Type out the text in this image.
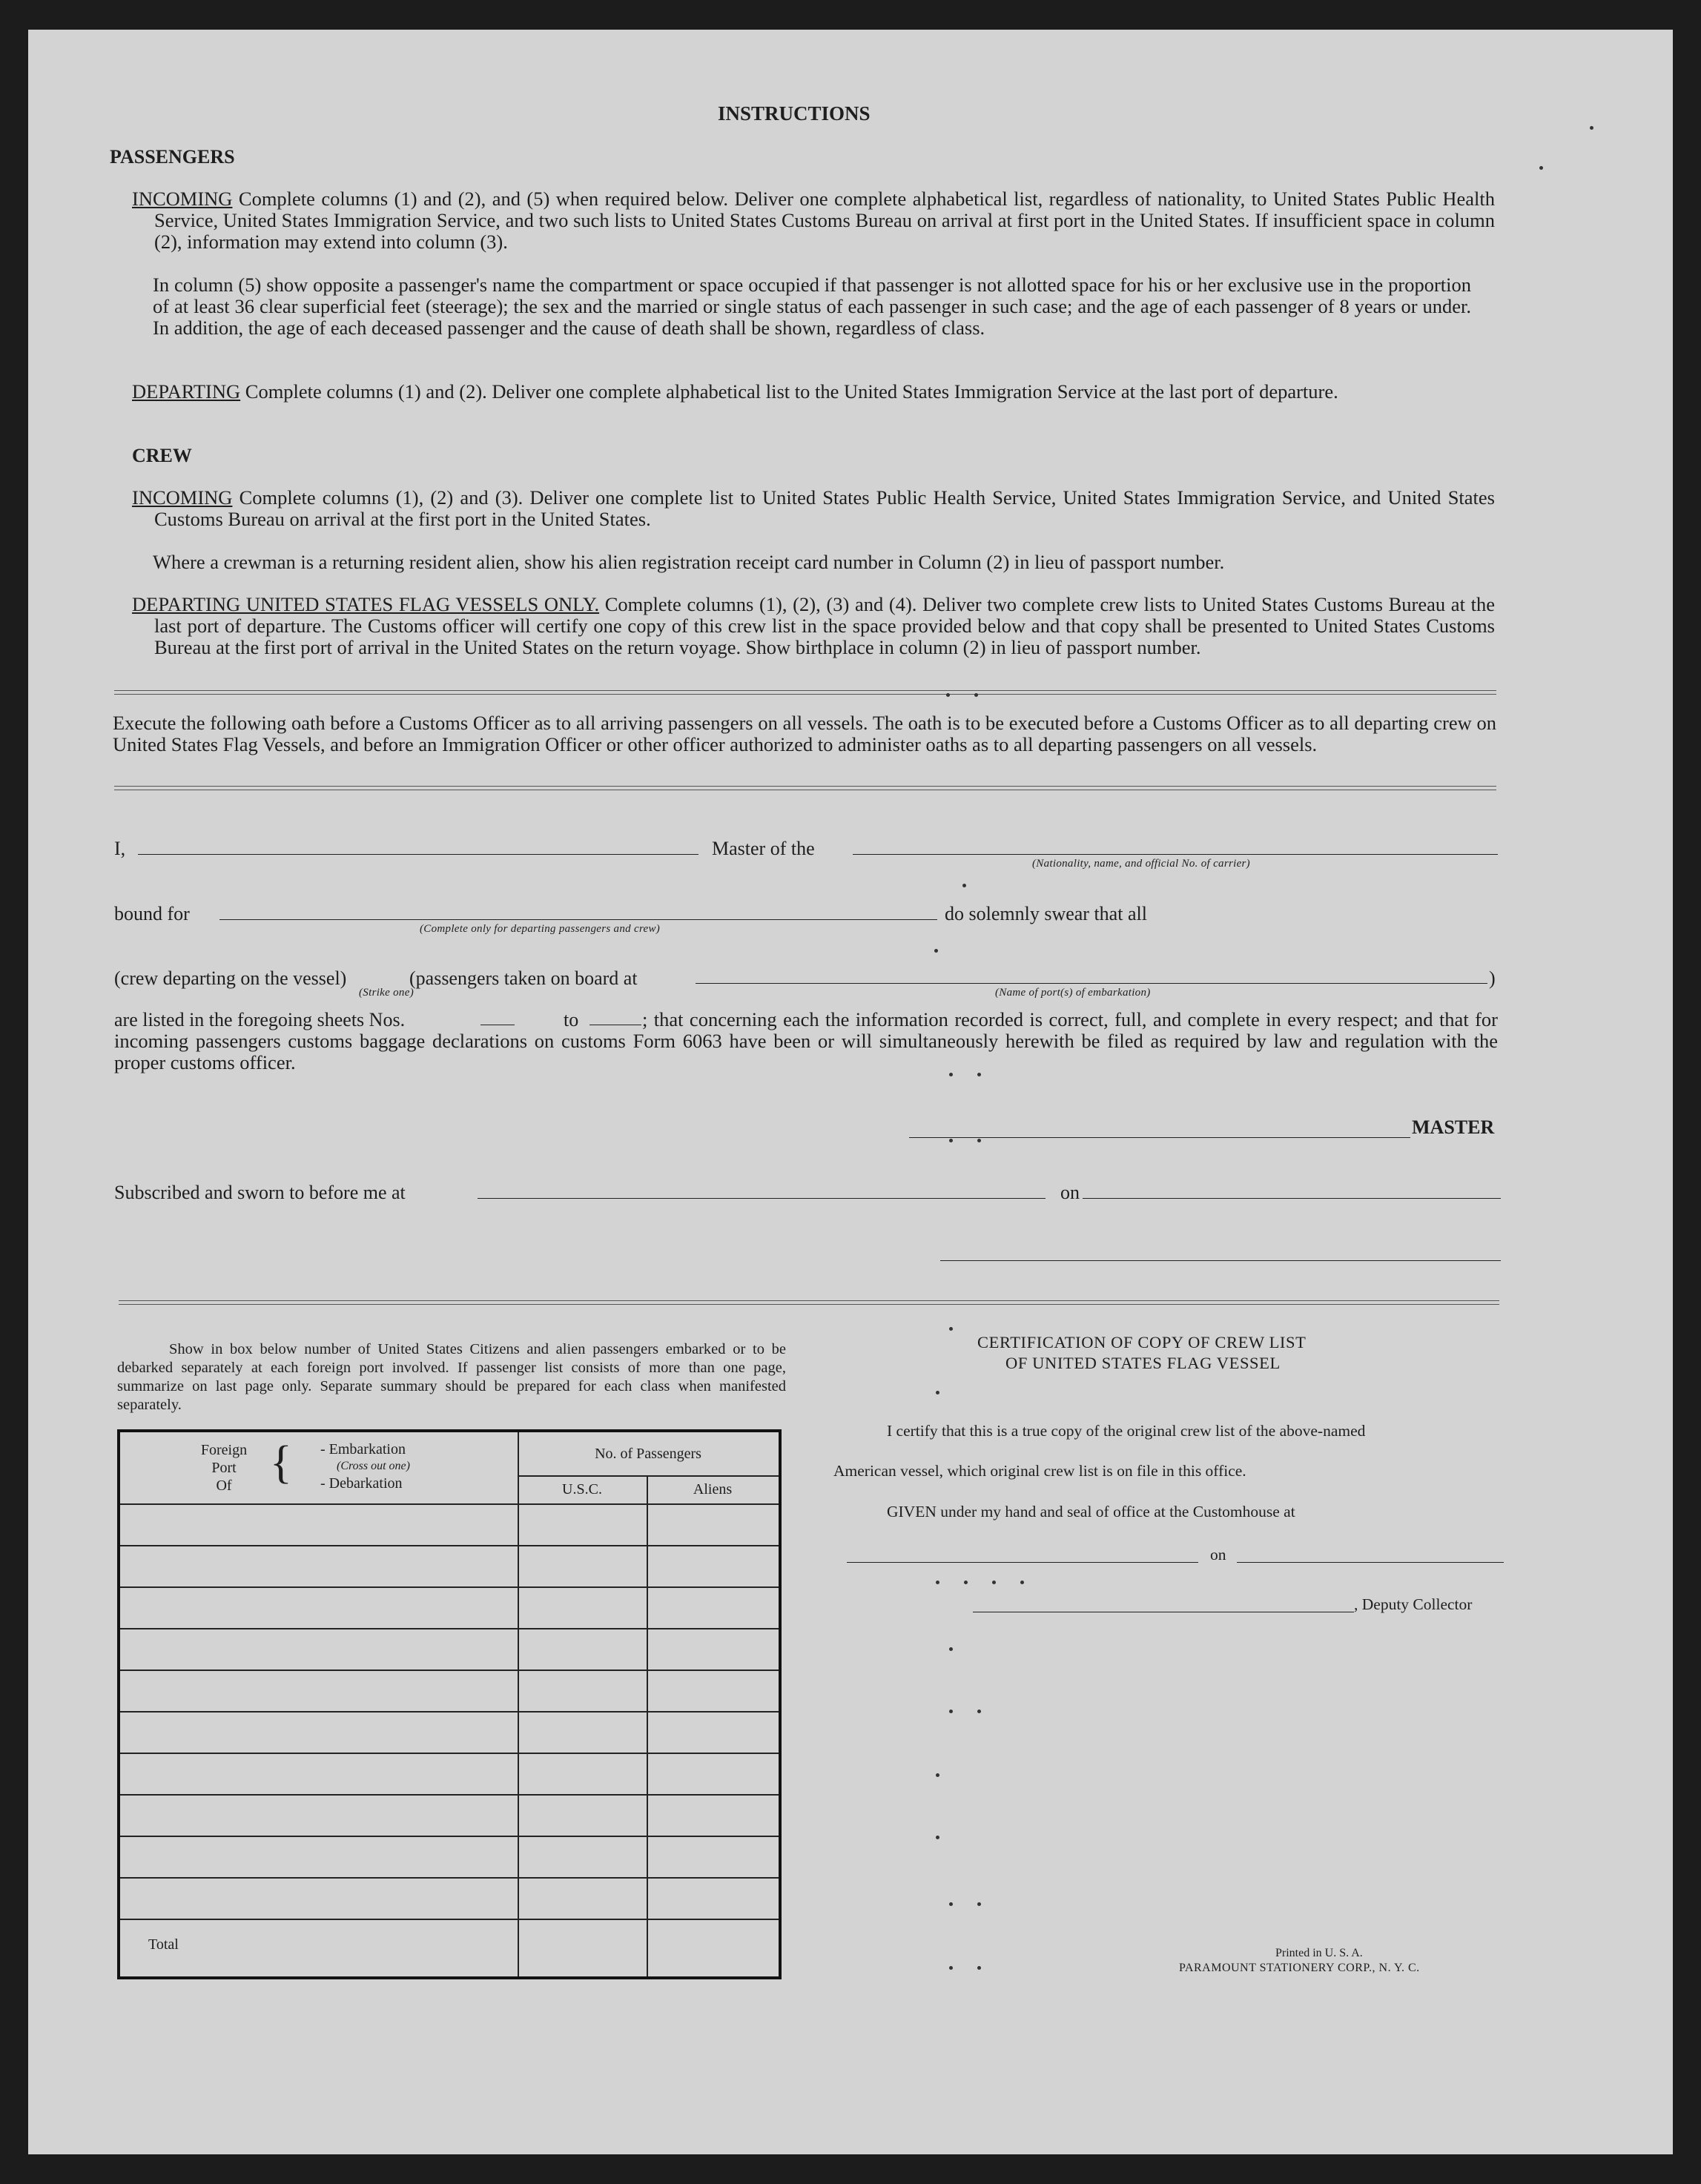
INSTRUCTIONS
PASSENGERS
INCOMING Complete columns (1) and (2), and (5) when required below. Deliver one complete alphabetical list, regardless of nationality, to United States Public Health Service, United States Immigration Service, and two such lists to United States Customs Bureau on arrival at first port in the United States. If insufficient space in column (2), information may extend into column (3).
In column (5) show opposite a passenger's name the compartment or space occupied if that passenger is not allotted space for his or her exclusive use in the proportion of at least 36 clear superficial feet (steerage); the sex and the married or single status of each passenger in such case; and the age of each passenger of 8 years or under. In addition, the age of each deceased passenger and the cause of death shall be shown, regardless of class.
DEPARTING Complete columns (1) and (2). Deliver one complete alphabetical list to the United States Immigration Service at the last port of departure.
CREW
INCOMING Complete columns (1), (2) and (3). Deliver one complete list to United States Public Health Service, United States Immigration Service, and United States Customs Bureau on arrival at the first port in the United States.
Where a crewman is a returning resident alien, show his alien registration receipt card number in Column (2) in lieu of passport number.
DEPARTING UNITED STATES FLAG VESSELS ONLY. Complete columns (1), (2), (3) and (4). Deliver two complete crew lists to United States Customs Bureau at the last port of departure. The Customs officer will certify one copy of this crew list in the space provided below and that copy shall be presented to United States Customs Bureau at the first port of arrival in the United States on the return voyage. Show birthplace in column (2) in lieu of passport number.
Execute the following oath before a Customs Officer as to all arriving passengers on all vessels. The oath is to be executed before a Customs Officer as to all departing crew on United States Flag Vessels, and before an Immigration Officer or other officer authorized to administer oaths as to all departing passengers on all vessels.
I,	Master of the
(Nationality, name, and official No. of carrier)
bound for
(Complete only for departing passengers and crew)
do solemnly swear that all
(crew departing on the vessel)	(passengers taken on board at	)
(Strike one)	(Name of port(s) of embarkation)
are listed in the foregoing sheets Nos.	to	; that concerning each the information recorded is correct, full, and complete in every respect; and that for incoming passengers customs baggage declarations on customs Form 6063 have been or will simultaneously herewith be filed as required by law and regulation with the proper customs officer.
MASTER
Subscribed and sworn to before me at	on
Show in box below number of United States Citizens and alien passengers embarked or to be debarked separately at each foreign port involved. If passenger list consists of more than one page, summarize on last page only. Separate summary should be prepared for each class when manifested separately.
Foreign
Port
Of { - Embarkation
(Cross out one)
- Debarkation
No. of Passengers
U.S.C.	Aliens
Total
CERTIFICATION OF COPY OF CREW LIST
OF UNITED STATES FLAG VESSEL
I certify that this is a true copy of the original crew list of the above-named
American vessel, which original crew list is on file in this office.
GIVEN under my hand and seal of office at the Customhouse at
on
, Deputy Collector
Printed in U. S. A.
PARAMOUNT STATIONERY CORP., N. Y. C.
